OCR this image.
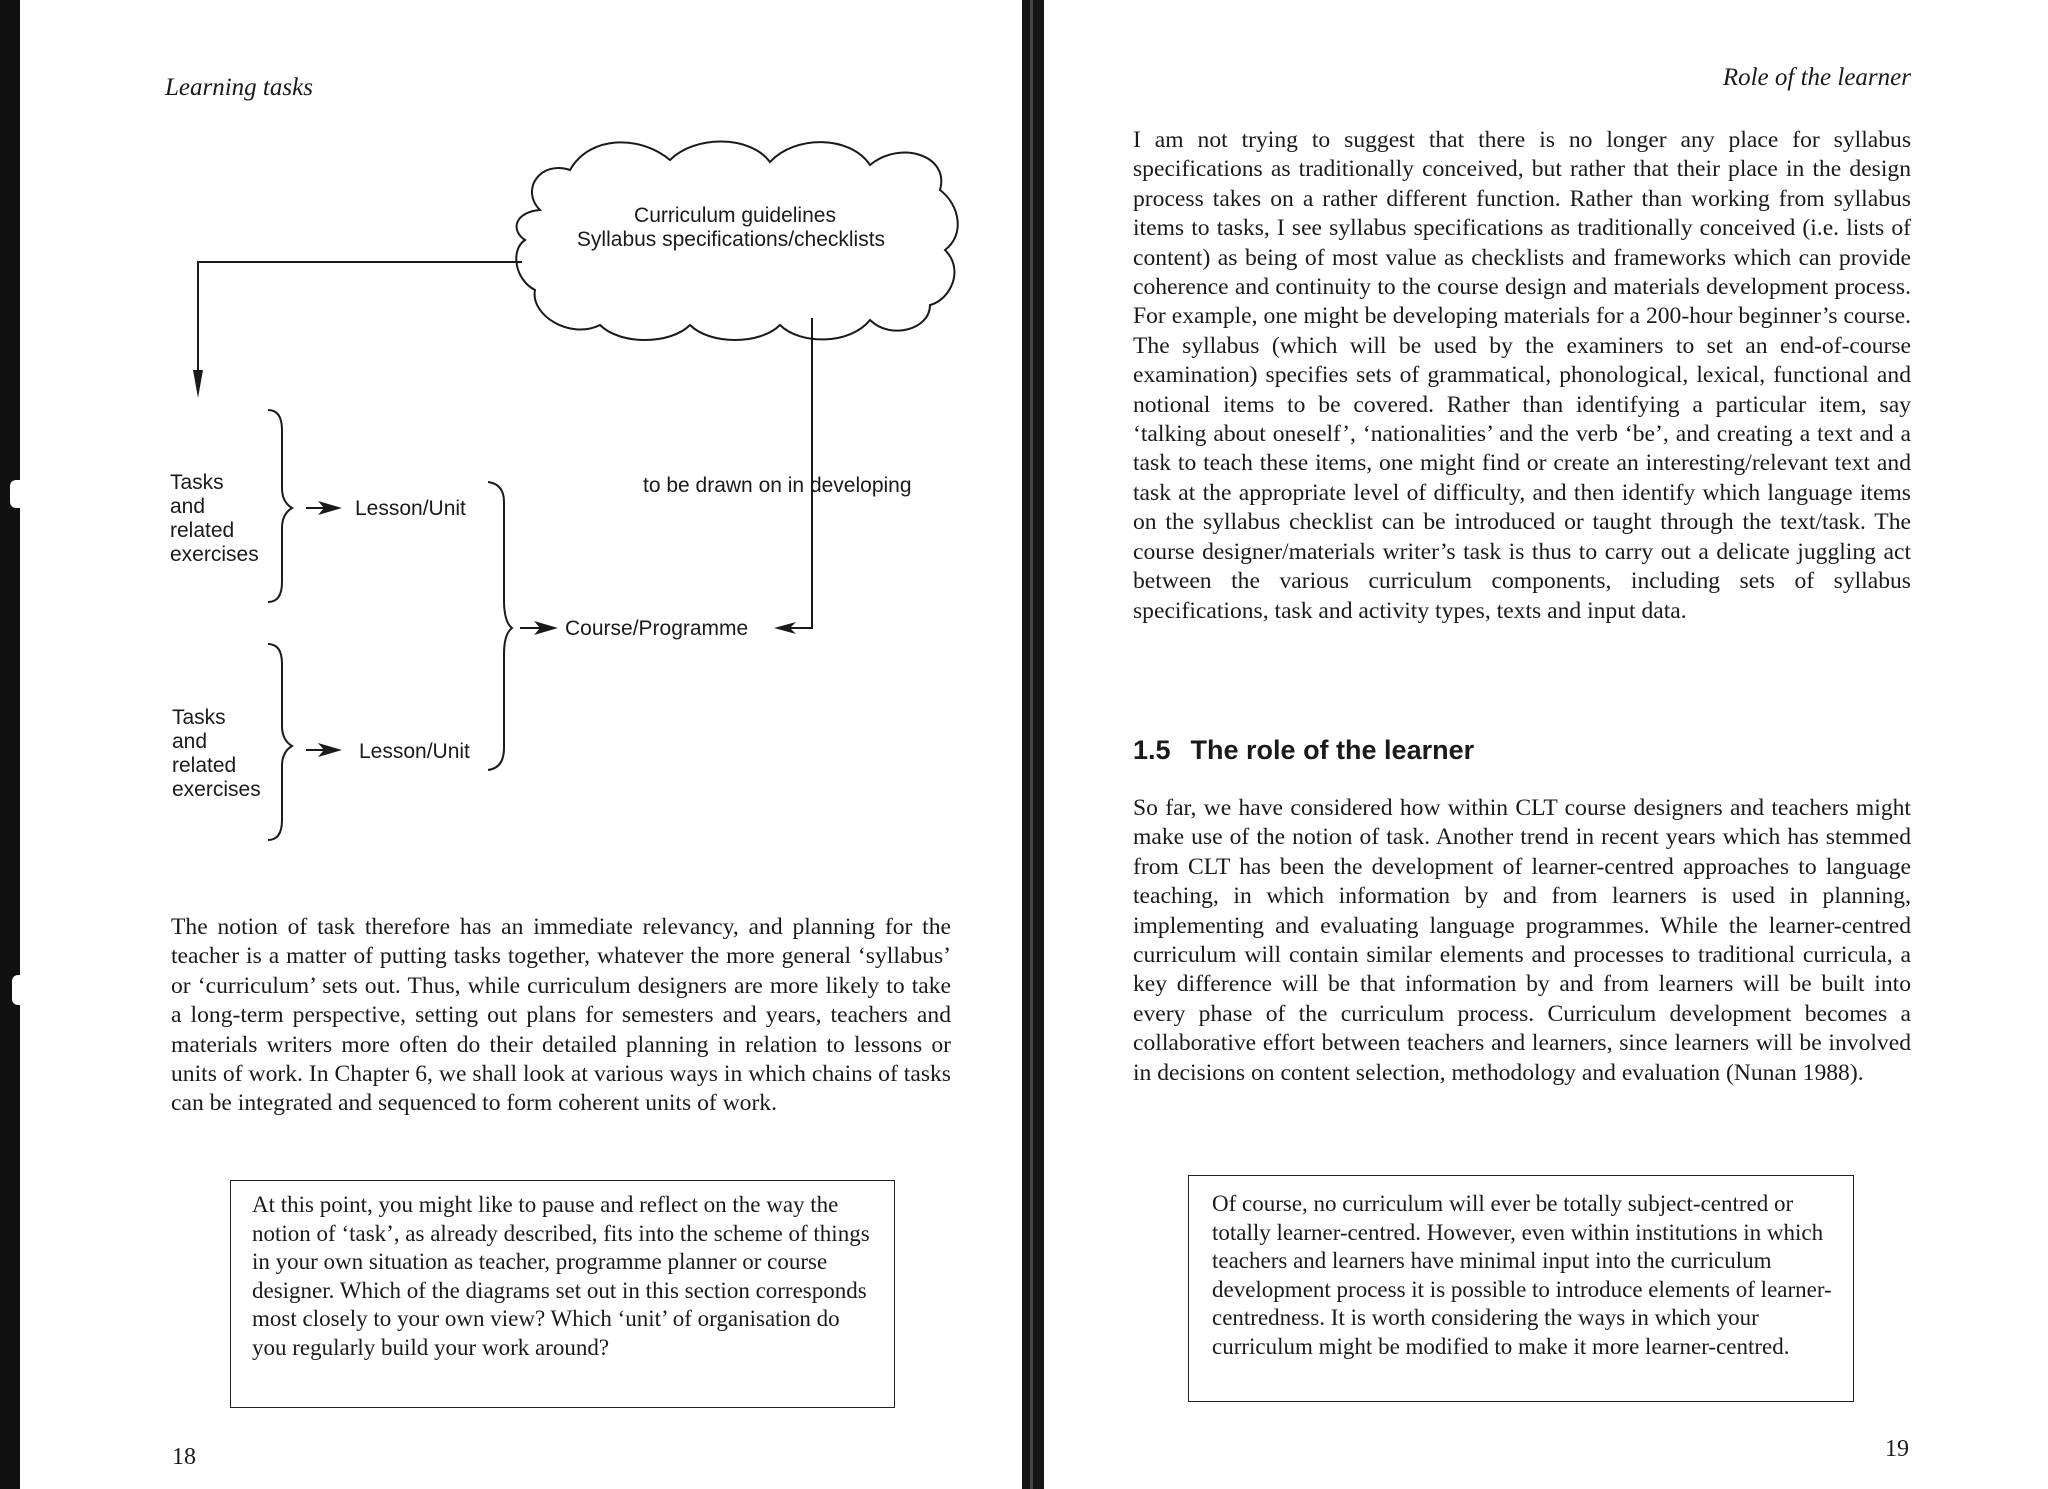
Learning tasks
Curriculum guidelines
Syllabus specifications/checklists
to be drawn on in developing
Tasks
and
related
exercises
Lesson/Unit
Tasks
and
related
exercises
Lesson/Unit
Course/Programme

The notion of task therefore has an immediate relevancy, and planning for the teacher is a matter of putting tasks together, whatever the more general ‘syllabus’ or ‘curriculum’ sets out. Thus, while curriculum designers are more likely to take a long-term perspective, setting out plans for semesters and years, teachers and materials writers more often do their detailed planning in relation to lessons or units of work. In Chapter 6, we shall look at various ways in which chains of tasks can be integrated and sequenced to form coherent units of work.

At this point, you might like to pause and reflect on the way the notion of ‘task’, as already described, fits into the scheme of things in your own situation as teacher, programme planner or course designer. Which of the diagrams set out in this section corresponds most closely to your own view? Which ‘unit’ of organisation do you regularly build your work around?

18
Role of the learner

I am not trying to suggest that there is no longer any place for syllabus specifications as traditionally conceived, but rather that their place in the design process takes on a rather different function. Rather than working from syllabus items to tasks, I see syllabus specifications as traditionally conceived (i.e. lists of content) as being of most value as checklists and frameworks which can provide coherence and continuity to the course design and materials development process. For example, one might be developing materials for a 200-hour beginner’s course. The syllabus (which will be used by the examiners to set an end-of-course examination) specifies sets of grammatical, phonological, lexical, functional and notional items to be covered. Rather than identifying a particular item, say ‘talking about oneself’, ‘nationalities’ and the verb ‘be’, and creating a text and a task to teach these items, one might find or create an interesting/relevant text and task at the appropriate level of difficulty, and then identify which language items on the syllabus checklist can be introduced or taught through the text/task. The course designer/materials writer’s task is thus to carry out a delicate juggling act between the various curriculum components, including sets of syllabus specifications, task and activity types, texts and input data.

1.5 The role of the learner

So far, we have considered how within CLT course designers and teachers might make use of the notion of task. Another trend in recent years which has stemmed from CLT has been the development of learner-centred approaches to language teaching, in which information by and from learners is used in planning, implementing and evaluating language programmes. While the learner-centred curriculum will contain similar elements and processes to traditional curricula, a key difference will be that information by and from learners will be built into every phase of the curriculum process. Curriculum development becomes a collaborative effort between teachers and learners, since learners will be involved in decisions on content selection, methodology and evaluation (Nunan 1988).

Of course, no curriculum will ever be totally subject-centred or totally learner-centred. However, even within institutions in which teachers and learners have minimal input into the curriculum development process it is possible to introduce elements of learner-centredness. It is worth considering the ways in which your curriculum might be modified to make it more learner-centred.

19
